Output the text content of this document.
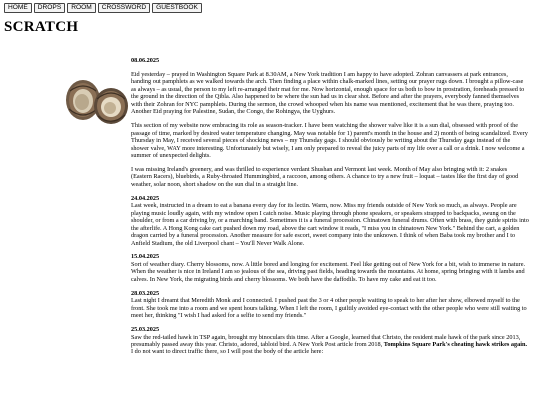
HOME	DROPS	ROOM	CROSSWORD	GUESTBOOK
SCRATCH

08.06.2025

Eid yesterday – prayed in Washington Square Park at 8.30AM, a New York tradition I am happy to have adopted. Zohran canvassers at park entrances, handing out pamphlets as we walked towards the arch. Then finding a place within chalk-marked lines, setting our prayer rugs down. I brought a pillow-case as always – as usual, the person to my left re-arranged their mat for me. Now horizontal, enough space for us both to bow in prostration, foreheads pressed to the ground in the direction of the Qibla. Also happened to be where the sun had us in clear shot. Before and after the prayers, everybody fanned themselves with their Zohran for NYC pamphlets. During the sermon, the crowd whooped when his name was mentioned, excitement that he was there, praying too. Another Eid praying for Palestine, Sudan, the Congo, the Rohingya, the Uyghurs.

This section of my website now embracing its role as season-tracker. I have been watching the shower valve like it is a sun dial, obsessed with proof of the passage of time, marked by desired water temperature changing. May was notable for 1) parent's month in the house and 2) month of being scandalized. Every Thursday in May, I received several pieces of shocking news – my Thursday gags. I should obviously be writing about the Thursday gags instead of the shower valve, WAY more interesting. Unfortunately but wisely, I am only prepared to reveal the juicy parts of my life over a call or a drink. I now welcome a summer of unexpected delights.

I was missing Ireland's greenery, and was thrilled to experience verdant Shushan and Vermont last week. Month of May also bringing with it: 2 snakes (Eastern Racers), bluebirds, a Ruby-throated Hummingbird, a raccoon, among others. A chance to try a new fruit – loquat – tastes like the first day of good weather, solar noon, short shadow on the sun dial in a straight line.

24.04.2025

Last week, instructed in a dream to eat a banana every day for its lectin. Warm, now. Miss my friends outside of New York so much, as always. People are playing music loudly again, with my window open I catch noise. Music playing through phone speakers, or speakers strapped to backpacks, swung on the shoulder, or from a car driving by, or a marching band. Sometimes it is a funeral procession. Chinatown funeral drums. Often with brass, they guide spirits into the afterlife. A Hong Kong cake cart pushed down my road, above the cart window it reads, "I miss you in chinatown New York." Behind the cart, a golden dragon carried by a funeral procession. Another measure for safe escort, sweet company into the unknown. I think of when Baba took my brother and I to Anfield Stadium, the old Liverpool chant – You'll Never Walk Alone.

15.04.2025

Sort of weather diary. Cherry blossoms, now. A little bored and longing for excitement. Feel like getting out of New York for a bit, wish to immerse in nature. When the weather is nice in Ireland I am so jealous of the sea, driving past fields, heading towards the mountains. At home, spring bringing with it lambs and calves. In New York, the migrating birds and cherry blossoms. We both have the daffodils. To have my cake and eat it too.

28.03.2025

Last night I dreamt that Meredith Monk and I connected. I pushed past the 3 or 4 other people waiting to speak to her after her show, elbowed myself to the front. She took me into a room and we spent hours talking. When I left the room, I guiltily avoided eye-contact with the other people who were still waiting to meet her, thinking "I wish I had asked for a selfie to send my friends."

25.03.2025

Saw the red-tailed hawk in TSP again, brought my binoculars this time. After a Google, learned that Christo, the resident male hawk of the park since 2013, presumably passed away this year. Christo, adored, tabloid bird. A New York Post article from 2018, Tompkins Square Park's cheating hawk strikes again. I do not want to direct traffic there, so I will post the body of the article here:
